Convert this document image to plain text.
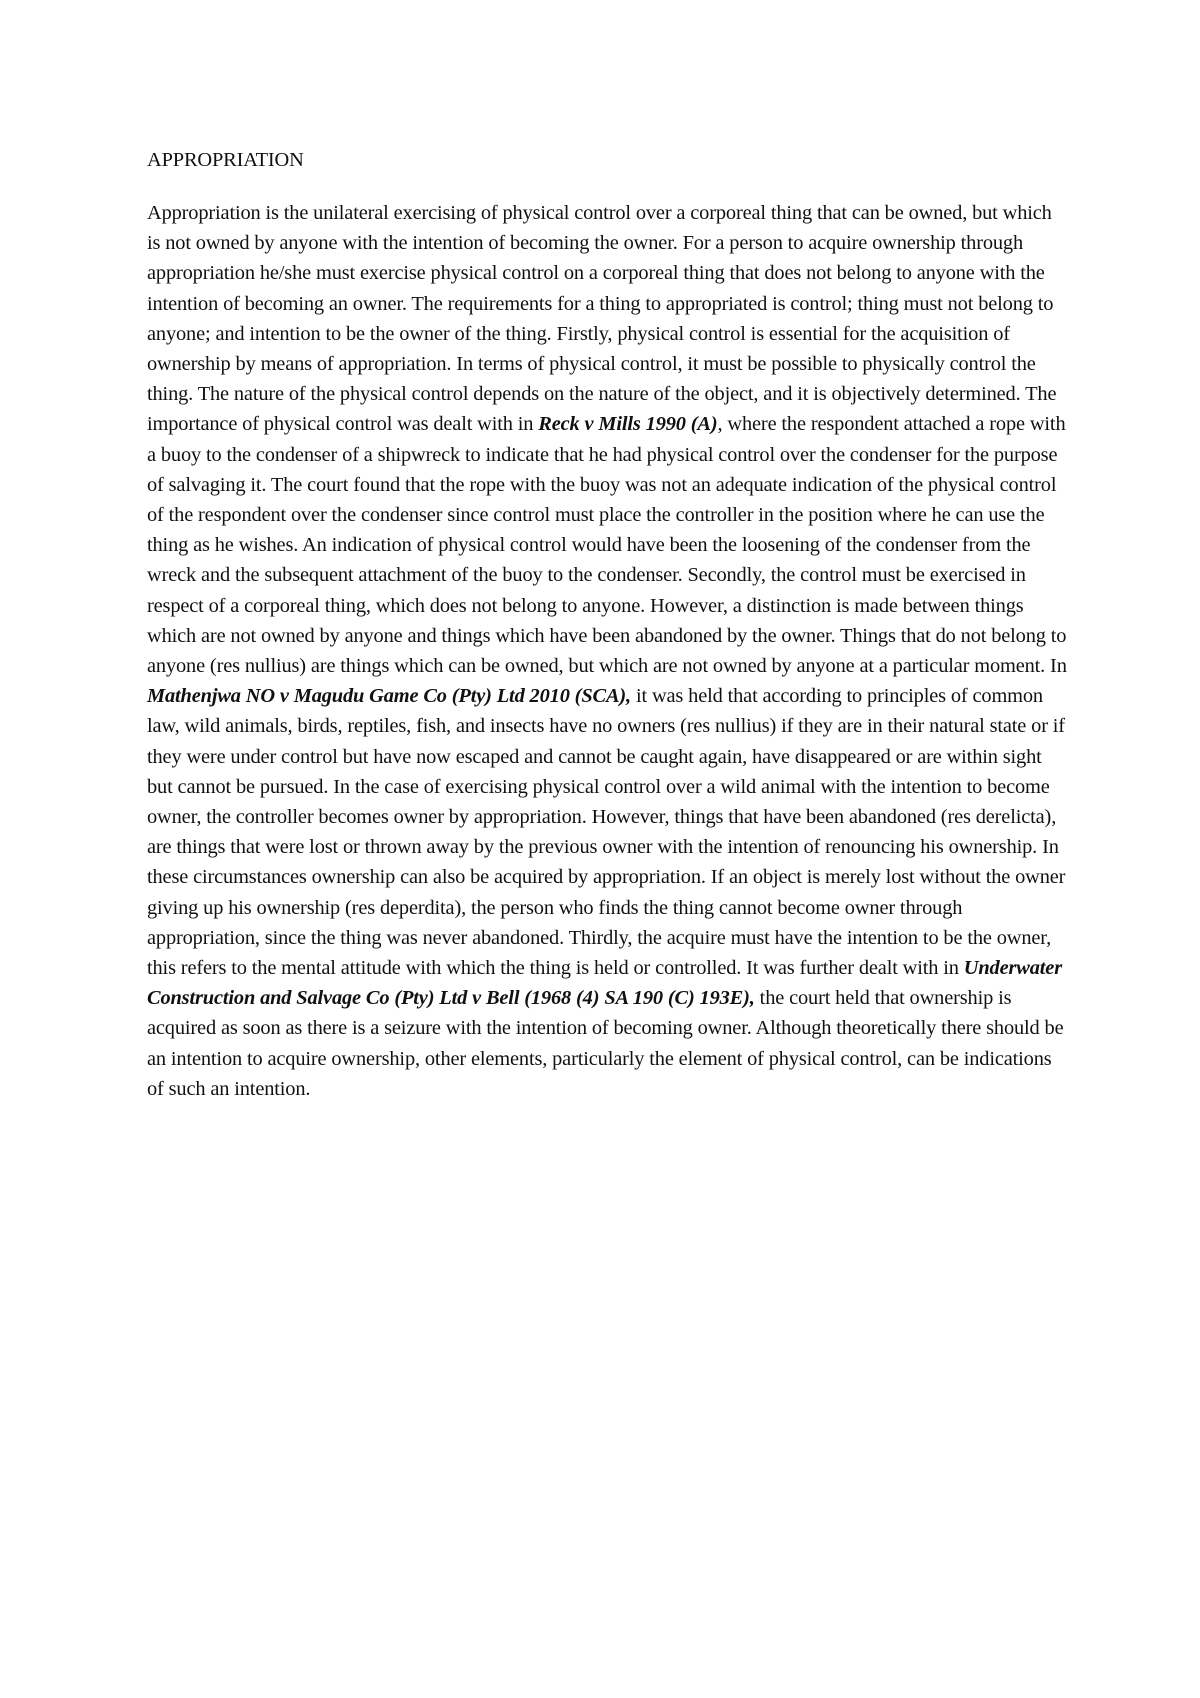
APPROPRIATION

Appropriation is the unilateral exercising of physical control over a corporeal thing that can be owned, but which is not owned by anyone with the intention of becoming the owner. For a person to acquire ownership through appropriation he/she must exercise physical control on a corporeal thing that does not belong to anyone with the intention of becoming an owner. The requirements for a thing to appropriated is control; thing must not belong to anyone; and intention to be the owner of the thing. Firstly, physical control is essential for the acquisition of ownership by means of appropriation. In terms of physical control, it must be possible to physically control the thing. The nature of the physical control depends on the nature of the object, and it is objectively determined. The importance of physical control was dealt with in Reck v Mills 1990 (A), where the respondent attached a rope with a buoy to the condenser of a shipwreck to indicate that he had physical control over the condenser for the purpose of salvaging it. The court found that the rope with the buoy was not an adequate indication of the physical control of the respondent over the condenser since control must place the controller in the position where he can use the thing as he wishes. An indication of physical control would have been the loosening of the condenser from the wreck and the subsequent attachment of the buoy to the condenser. Secondly, the control must be exercised in respect of a corporeal thing, which does not belong to anyone. However, a distinction is made between things which are not owned by anyone and things which have been abandoned by the owner. Things that do not belong to anyone (res nullius) are things which can be owned, but which are not owned by anyone at a particular moment. In Mathenjwa NO v Magudu Game Co (Pty) Ltd 2010 (SCA), it was held that according to principles of common law, wild animals, birds, reptiles, fish, and insects have no owners (res nullius) if they are in their natural state or if they were under control but have now escaped and cannot be caught again, have disappeared or are within sight but cannot be pursued. In the case of exercising physical control over a wild animal with the intention to become owner, the controller becomes owner by appropriation. However, things that have been abandoned (res derelicta), are things that were lost or thrown away by the previous owner with the intention of renouncing his ownership. In these circumstances ownership can also be acquired by appropriation. If an object is merely lost without the owner giving up his ownership (res deperdita), the person who finds the thing cannot become owner through appropriation, since the thing was never abandoned. Thirdly, the acquire must have the intention to be the owner, this refers to the mental attitude with which the thing is held or controlled. It was further dealt with in Underwater Construction and Salvage Co (Pty) Ltd v Bell (1968 (4) SA 190 (C) 193E), the court held that ownership is acquired as soon as there is a seizure with the intention of becoming owner. Although theoretically there should be an intention to acquire ownership, other elements, particularly the element of physical control, can be indications of such an intention.
